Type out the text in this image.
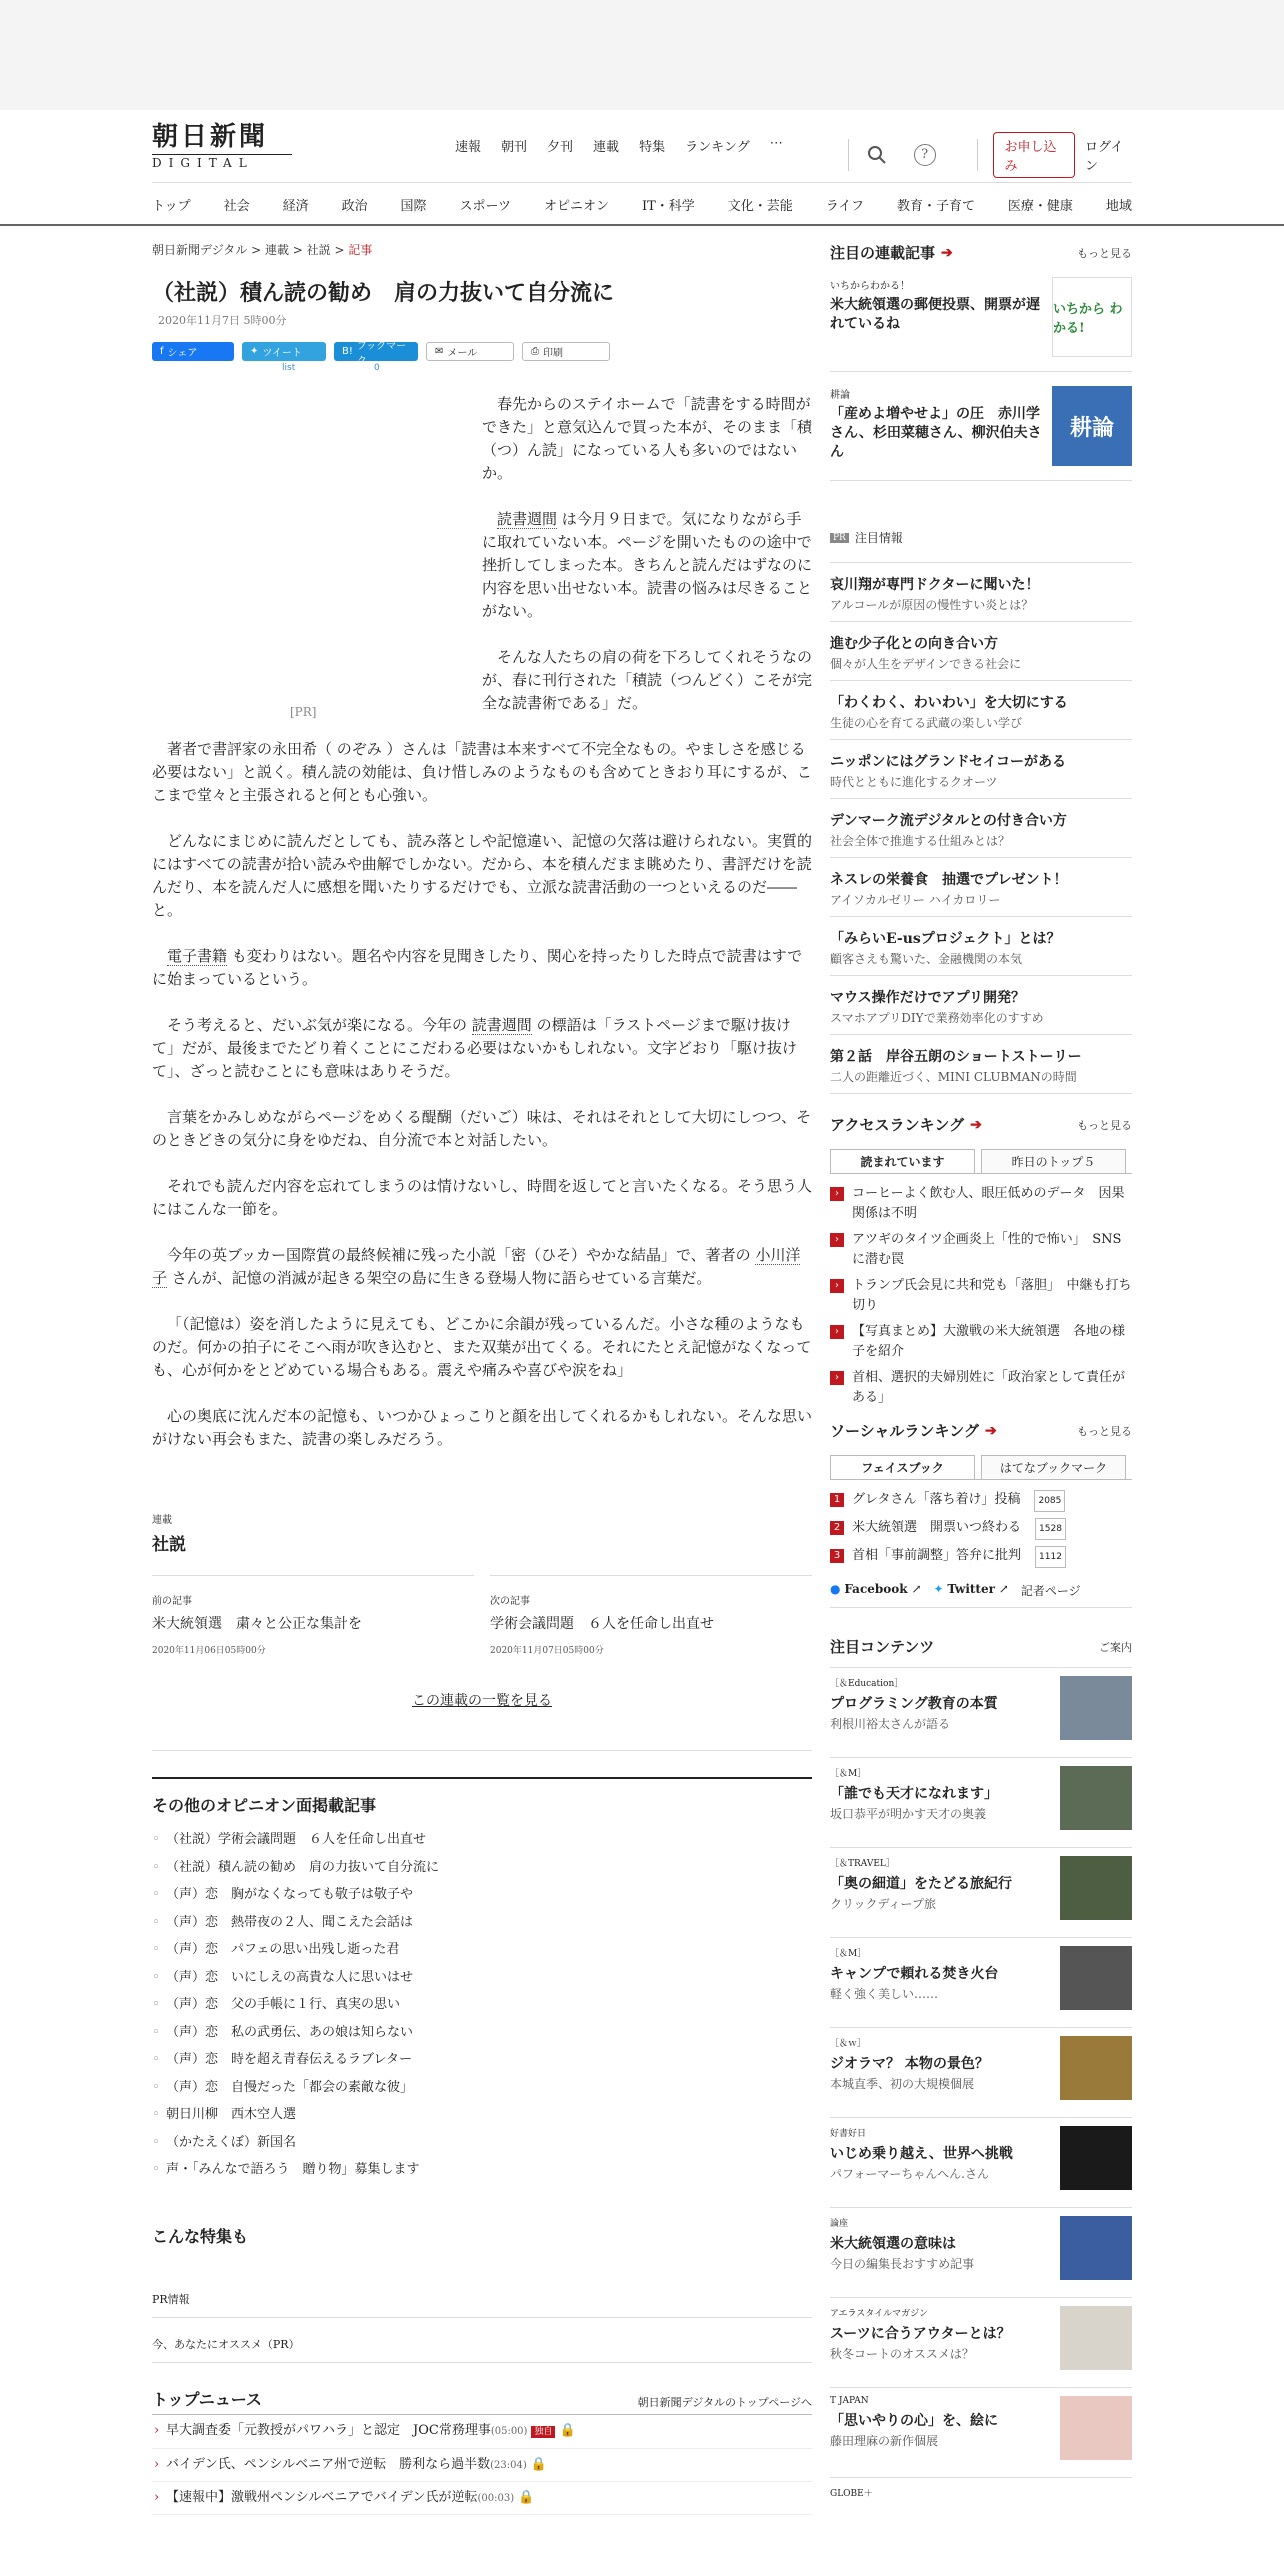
朝日新聞
DIGITAL
速報 朝刊 夕刊 連載 特集 ランキング ⋯
?	お申し込み
ログイン
トップ	社会	経済	政治	国際	スポーツ	オピニオン	IT・科学	文化・芸能	ライフ	教育・子育て	医療・健康	地域
朝日新聞デジタル > 連載 > 社説 > 記事
（社説）積ん読の勧め　肩の力抜いて自分流に
2020年11月7日 5時00分
f シェア	✦ ツイート
list
B! ブックマーク
0
✉ メール	⎙ 印刷
[PR]

春先からのステイホームで「読書をする時間ができた」と意気込んで買った本が、そのまま「積（つ）ん読」になっている人も多いのではないか。

読書週間 は今月９日まで。気になりながら手に取れていない本。ページを開いたものの途中で挫折してしまった本。きちんと読んだはずなのに内容を思い出せない本。読書の悩みは尽きることがない。

そんな人たちの肩の荷を下ろしてくれそうなのが、春に刊行された「積読（つんどく）こそが完全な読書術である」だ。

著者で書評家の永田希（ のぞみ ）さんは「読書は本来すべて不完全なもの。やましさを感じる必要はない」と説く。積ん読の効能は、負け惜しみのようなものも含めてときおり耳にするが、ここまで堂々と主張されると何とも心強い。

どんなにまじめに読んだとしても、読み落としや記憶違い、記憶の欠落は避けられない。実質的にはすべての読書が拾い読みや曲解でしかない。だから、本を積んだまま眺めたり、書評だけを読んだり、本を読んだ人に感想を聞いたりするだけでも、立派な読書活動の一つといえるのだ――と。

電子書籍 も変わりはない。題名や内容を見聞きしたり、関心を持ったりした時点で読書はすでに始まっているという。

そう考えると、だいぶ気が楽になる。今年の 読書週間 の標語は「ラストページまで駆け抜けて」だが、最後までたどり着くことにこだわる必要はないかもしれない。文字どおり「駆け抜けて」、ざっと読むことにも意味はありそうだ。

言葉をかみしめながらページをめくる醍醐（だいご）味は、それはそれとして大切にしつつ、そのときどきの気分に身をゆだね、自分流で本と対話したい。

それでも読んだ内容を忘れてしまうのは情けないし、時間を返してと言いたくなる。そう思う人にはこんな一節を。

今年の英ブッカー国際賞の最終候補に残った小説「密（ひそ）やかな結晶」で、著者の 小川洋子 さんが、記憶の消滅が起きる架空の島に生きる登場人物に語らせている言葉だ。

「（記憶は）姿を消したように見えても、どこかに余韻が残っているんだ。小さな種のようなものだ。何かの拍子にそこへ雨が吹き込むと、また双葉が出てくる。それにたとえ記憶がなくなっても、心が何かをとどめている場合もある。震えや痛みや喜びや涙をね」

心の奥底に沈んだ本の記憶も、いつかひょっこりと顔を出してくれるかもしれない。そんな思いがけない再会もまた、読書の楽しみだろう。

連載
社説
前の記事
米大統領選　粛々と公正な集計を
2020年11月06日05時00分
次の記事
学術会議問題　６人を任命し出直せ
2020年11月07日05時00分
この連載の一覧を見る
その他のオピニオン面掲載記事
◦ （社説）学術会議問題　６人を任命し出直せ
◦ （社説）積ん読の勧め　肩の力抜いて自分流に
◦ （声）恋　胸がなくなっても敬子は敬子や
◦ （声）恋　熱帯夜の２人、聞こえた会話は
◦ （声）恋　パフェの思い出残し逝った君
◦ （声）恋　いにしえの高貴な人に思いはせ
◦ （声）恋　父の手帳に１行、真実の思い
◦ （声）恋　私の武勇伝、あの娘は知らない
◦ （声）恋　時を超え青春伝えるラブレター
◦ （声）恋　自慢だった「都会の素敵な彼」
◦ 朝日川柳　西木空人選
◦ （かたえくぼ）新国名
◦ 声・「みんなで語ろう　贈り物」募集します
こんな特集も
PR情報
今、あなたにオススメ（PR）
トップニュース	朝日新聞デジタルのトップページへ
› 早大調査委「元教授がパワハラ」と認定　JOC常務理事(05:00) 独自 🔒
› バイデン氏、ペンシルベニア州で逆転　勝利なら過半数(23:04) 🔒
› 【速報中】激戦州ペンシルベニアでバイデン氏が逆転(00:03) 🔒
注目の連載記事 ➔	もっと見る
いちからわかる！
米大統領選の郵便投票、開票が遅れているね
いちから わかる!
耕論
「産めよ増やせよ」の圧　赤川学さん、杉田菜穂さん、柳沢伯夫さん
耕論
PR 注目情報
哀川翔が専門ドクターに聞いた！
アルコールが原因の慢性すい炎とは？
進む少子化との向き合い方
個々が人生をデザインできる社会に
「わくわく、わいわい」を大切にする
生徒の心を育てる武蔵の楽しい学び
ニッポンにはグランドセイコーがある
時代とともに進化するクオーツ
デンマーク流デジタルとの付き合い方
社会全体で推進する仕組みとは？
ネスレの栄養食　抽選でプレゼント！
アイソカルゼリー ハイカロリー
「みらいE-usプロジェクト」とは？
顧客さえも驚いた、金融機関の本気
マウス操作だけでアプリ開発？
スマホアプリDIYで業務効率化のすすめ
第２話　岸谷五朗のショートストーリー
二人の距離近づく、MINI CLUBMANの時間
アクセスランキング ➔	もっと見る
読まれています	昨日のトップ５
›	コーヒーよく飲む人、眼圧低めのデータ　因果関係は不明
›	アツギのタイツ企画炎上「性的で怖い」　SNSに潜む罠
›	トランプ氏会見に共和党も「落胆」　中継も打ち切り
›	【写真まとめ】大激戦の米大統領選　各地の様子を紹介
›	首相、選択的夫婦別姓に「政治家として責任がある」
ソーシャルランキング ➔	もっと見る
フェイスブック	はてなブックマーク
1 グレタさん「落ち着け」投稿	2085
2 米大統領選　開票いつ終わる	1528
3 首相「事前調整」答弁に批判	1112
● Facebook ↗ ✦ Twitter ↗ 記者ページ
注目コンテンツ	ご案内
［＆Education］
プログラミング教育の本質
利根川裕太さんが語る
［＆M］
「誰でも天才になれます」
坂口恭平が明かす天才の奥義
［＆TRAVEL］
「奥の細道」をたどる旅紀行
クリックディープ旅
［＆M］
キャンプで頼れる焚き火台
軽く強く美しい……
［＆ｗ］
ジオラマ？ 本物の景色？
本城直季、初の大規模個展
好書好日
いじめ乗り越え、世界へ挑戦
パフォーマーちゃんへん.さん
論座
米大統領選の意味は
今日の編集長おすすめ記事
アエラスタイルマガジン
スーツに合うアウターとは？
秋冬コートのオススメは？
T JAPAN
「思いやりの心」を、絵に
藤田理麻の新作個展
GLOBE＋
